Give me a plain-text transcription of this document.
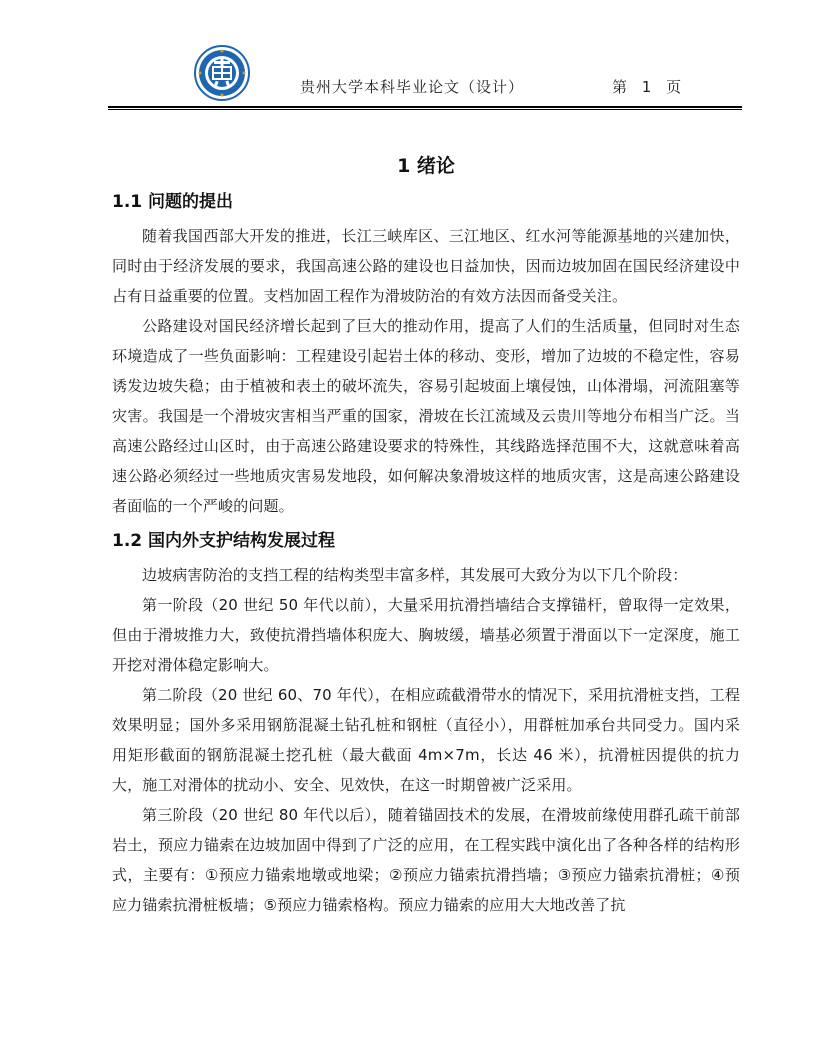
贵州大学本科毕业论文（设计）	第 1 页
1 绪论
1.1 问题的提出

随着我国西部大开发的推进，长江三峡库区、三江地区、红水河等能源基地的兴建加快，同时由于经济发展的要求，我国高速公路的建设也日益加快，因而边坡加固在国民经济建设中占有日益重要的位置。支档加固工程作为滑坡防治的有效方法因而备受关注。

公路建设对国民经济增长起到了巨大的推动作用，提高了人们的生活质量，但同时对生态环境造成了一些负面影响：工程建设引起岩土体的移动、变形，增加了边坡的不稳定性，容易诱发边坡失稳；由于植被和表土的破坏流失，容易引起坡面上壤侵蚀，山体滑塌，河流阻塞等灾害。我国是一个滑坡灾害相当严重的国家，滑坡在长江流域及云贵川等地分布相当广泛。当高速公路经过山区时，由于高速公路建设要求的特殊性，其线路选择范围不大，这就意味着高速公路必须经过一些地质灾害易发地段，如何解决象滑坡这样的地质灾害，这是高速公路建设者面临的一个严峻的问题。

1.2 国内外支护结构发展过程

边坡病害防治的支挡工程的结构类型丰富多样，其发展可大致分为以下几个阶段：

第一阶段（20 世纪 50 年代以前），大量采用抗滑挡墙结合支撑锚杆，曾取得一定效果，但由于滑坡推力大，致使抗滑挡墙体积庞大、胸坡缓，墙基必须置于滑面以下一定深度，施工开挖对滑体稳定影响大。

第二阶段（20 世纪 60、70 年代），在相应疏截滑带水的情况下，采用抗滑桩支挡，工程效果明显；国外多采用钢筋混凝土钻孔桩和钢桩（直径小），用群桩加承台共同受力。国内采用矩形截面的钢筋混凝土挖孔桩（最大截面 4m×7m，长达 46 米），抗滑桩因提供的抗力大，施工对滑体的扰动小、安全、见效快，在这一时期曾被广泛采用。

第三阶段（20 世纪 80 年代以后），随着锚固技术的发展，在滑坡前缘使用群孔疏干前部岩土，预应力锚索在边坡加固中得到了广泛的应用，在工程实践中演化出了各种各样的结构形式，主要有：①预应力锚索地墩或地梁；②预应力锚索抗滑挡墙；③预应力锚索抗滑桩；④预应力锚索抗滑桩板墙；⑤预应力锚索格构。预应力锚索的应用大大地改善了抗
